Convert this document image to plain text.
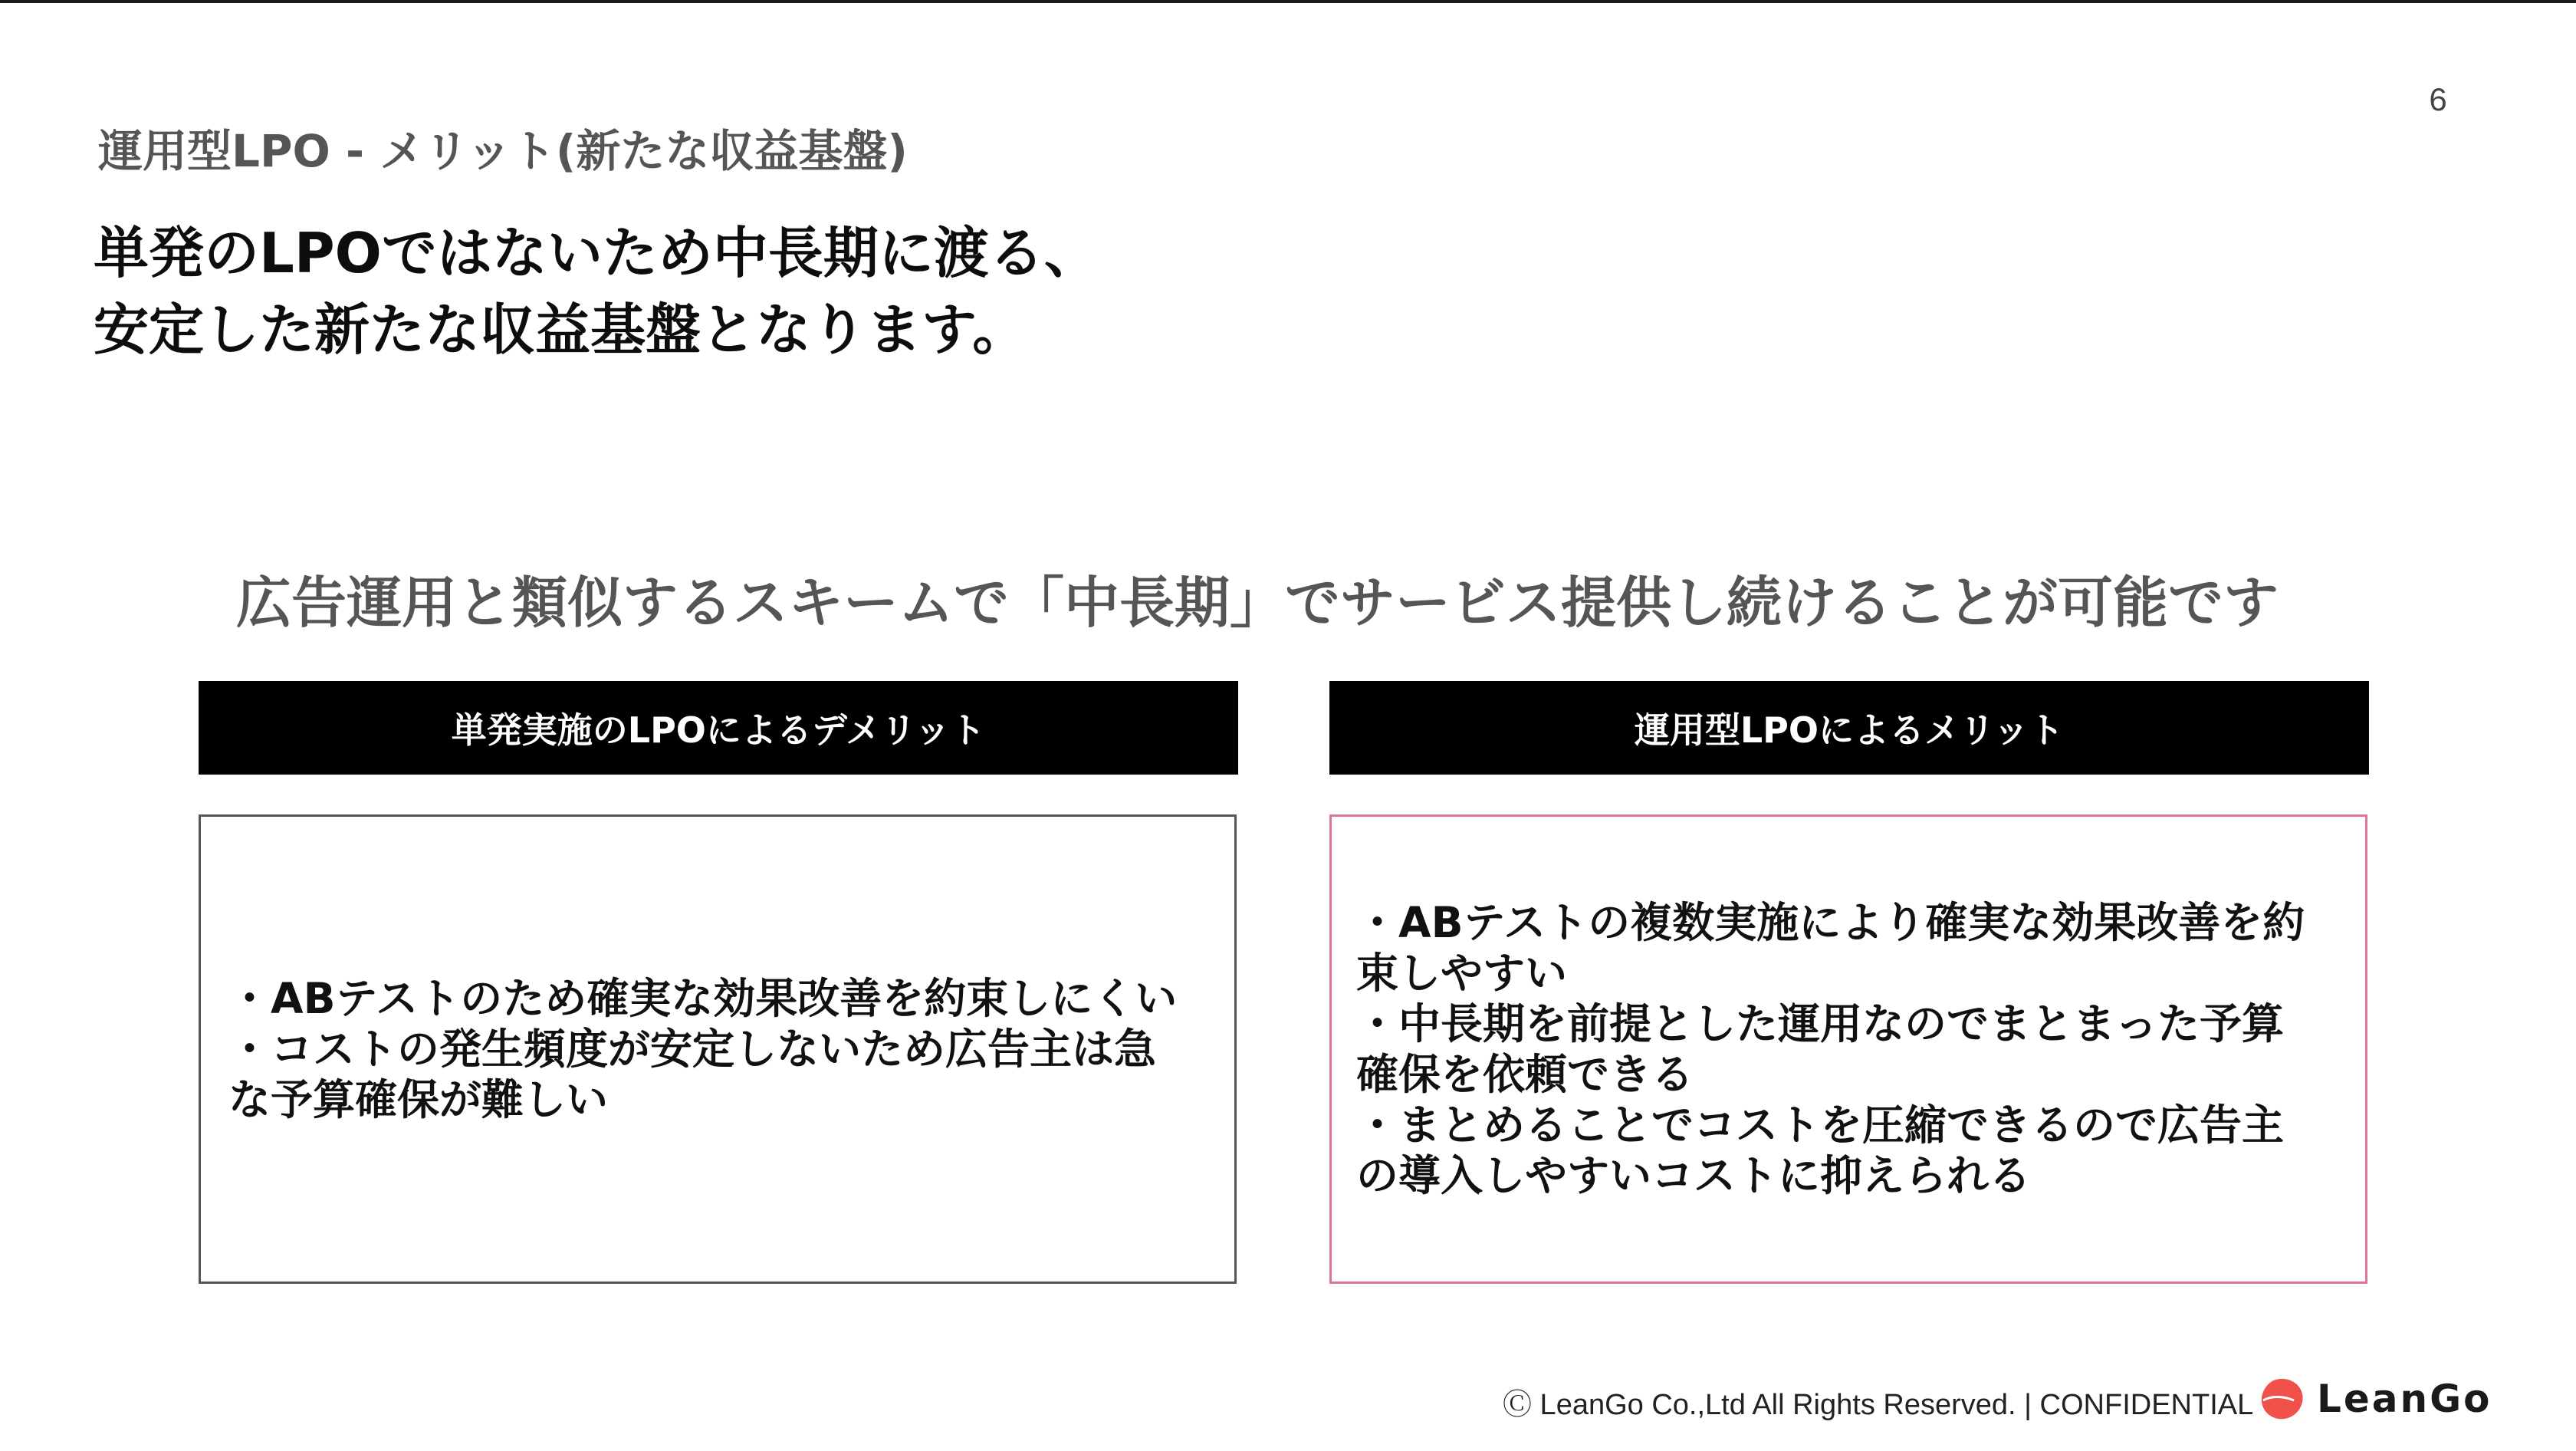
6
運用型LPO - メリット(新たな収益基盤)
単発のLPOではないため中長期に渡る、
安定した新たな収益基盤となります。
広告運用と類似するスキームで「中長期」でサービス提供し続けることが可能です
単発実施のLPOによるデメリット	運用型LPOによるメリット
・ABテストのため確実な効果改善を約束しにくい
・コストの発生頻度が安定しないため広告主は急
な予算確保が難しい
・ABテストの複数実施により確実な効果改善を約
束しやすい
・中長期を前提とした運用なのでまとまった予算
確保を依頼できる
・まとめることでコストを圧縮できるので広告主
の導入しやすいコストに抑えられる
Ⓒ LeanGo Co.,Ltd All Rights Reserved. | CONFIDENTIAL LeanGo
